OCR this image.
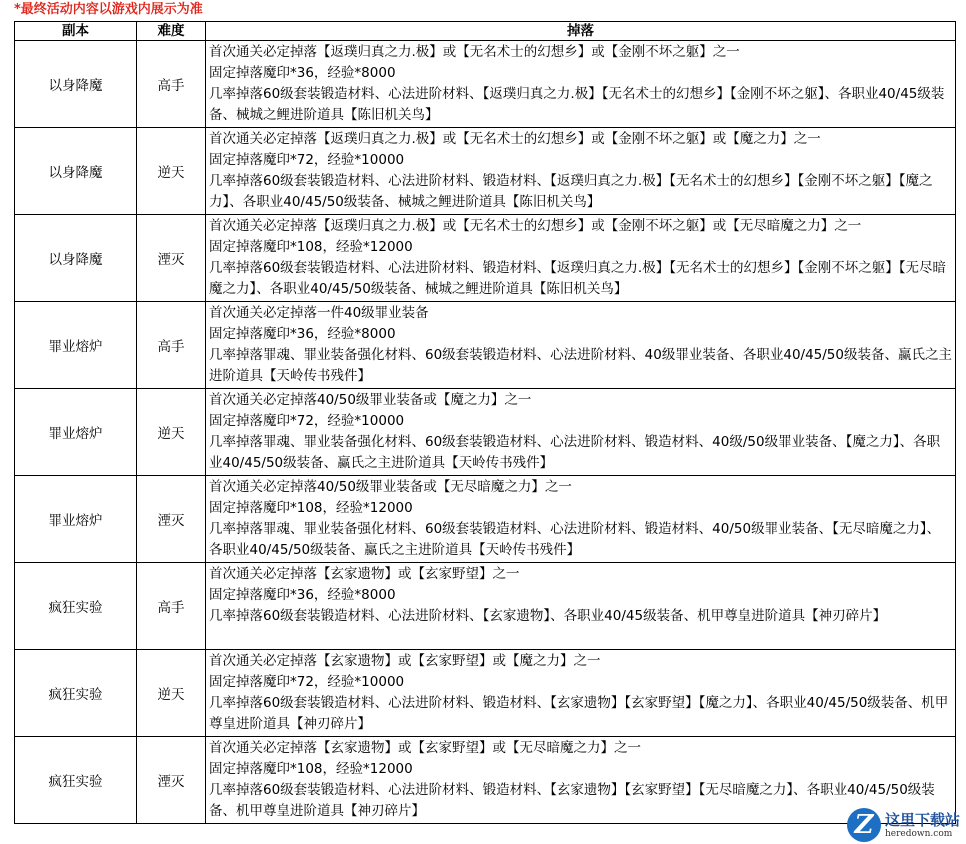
*最终活动内容以游戏内展示为准
副本	难度	掉落
以身降魔	高手	首次通关必定掉落【返璞归真之力.极】或【无名术士的幻想乡】或【金刚不坏之躯】之一
固定掉落魔印*36，经验*8000
几率掉落60级套装锻造材料、心法进阶材料、【返璞归真之力.极】【无名术士的幻想乡】【金刚不坏之躯】、各职业40/45级装备、械城之鲤进阶道具【陈旧机关鸟】

以身降魔	逆天	首次通关必定掉落【返璞归真之力.极】或【无名术士的幻想乡】或【金刚不坏之躯】或【魔之力】之一
固定掉落魔印*72，经验*10000
几率掉落60级套装锻造材料、心法进阶材料、锻造材料、【返璞归真之力.极】【无名术士的幻想乡】【金刚不坏之躯】【魔之力】、各职业40/45/50级装备、械城之鲤进阶道具【陈旧机关鸟】

以身降魔	湮灭	首次通关必定掉落【返璞归真之力.极】或【无名术士的幻想乡】或【金刚不坏之躯】或【无尽暗魔之力】之一
固定掉落魔印*108，经验*12000
几率掉落60级套装锻造材料、心法进阶材料、锻造材料、【返璞归真之力.极】【无名术士的幻想乡】【金刚不坏之躯】【无尽暗魔之力】、各职业40/45/50级装备、械城之鲤进阶道具【陈旧机关鸟】

罪业熔炉	高手	首次通关必定掉落一件40级罪业装备
固定掉落魔印*36，经验*8000
几率掉落罪魂、罪业装备强化材料、60级套装锻造材料、心法进阶材料、40级罪业装备、各职业40/45/50级装备、赢氏之主进阶道具【天岭传书残件】

罪业熔炉	逆天	首次通关必定掉落40/50级罪业装备或【魔之力】之一
固定掉落魔印*72，经验*10000
几率掉落罪魂、罪业装备强化材料、60级套装锻造材料、心法进阶材料、锻造材料、40级/50级罪业装备、【魔之力】、各职业40/45/50级装备、赢氏之主进阶道具【天岭传书残件】

罪业熔炉	湮灭	首次通关必定掉落40/50级罪业装备或【无尽暗魔之力】之一
固定掉落魔印*108，经验*12000
几率掉落罪魂、罪业装备强化材料、60级套装锻造材料、心法进阶材料、锻造材料、40/50级罪业装备、【无尽暗魔之力】、各职业40/45/50级装备、赢氏之主进阶道具【天岭传书残件】

疯狂实验	高手	首次通关必定掉落【玄家遗物】或【玄家野望】之一
固定掉落魔印*36，经验*8000
几率掉落60级套装锻造材料、心法进阶材料、【玄家遗物】、各职业40/45级装备、机甲尊皇进阶道具【神刃碎片】

疯狂实验	逆天	首次通关必定掉落【玄家遗物】或【玄家野望】或【魔之力】之一
固定掉落魔印*72，经验*10000
几率掉落60级套装锻造材料、心法进阶材料、锻造材料、【玄家遗物】【玄家野望】【魔之力】、各职业40/45/50级装备、机甲尊皇进阶道具【神刃碎片】

疯狂实验	湮灭	首次通关必定掉落【玄家遗物】或【玄家野望】或【无尽暗魔之力】之一
固定掉落魔印*108，经验*12000
几率掉落60级套装锻造材料、心法进阶材料、锻造材料、【玄家遗物】【玄家野望】【无尽暗魔之力】、各职业40/45/50级装备、机甲尊皇进阶道具【神刃碎片】	Z 这里下载站
heredown.com
